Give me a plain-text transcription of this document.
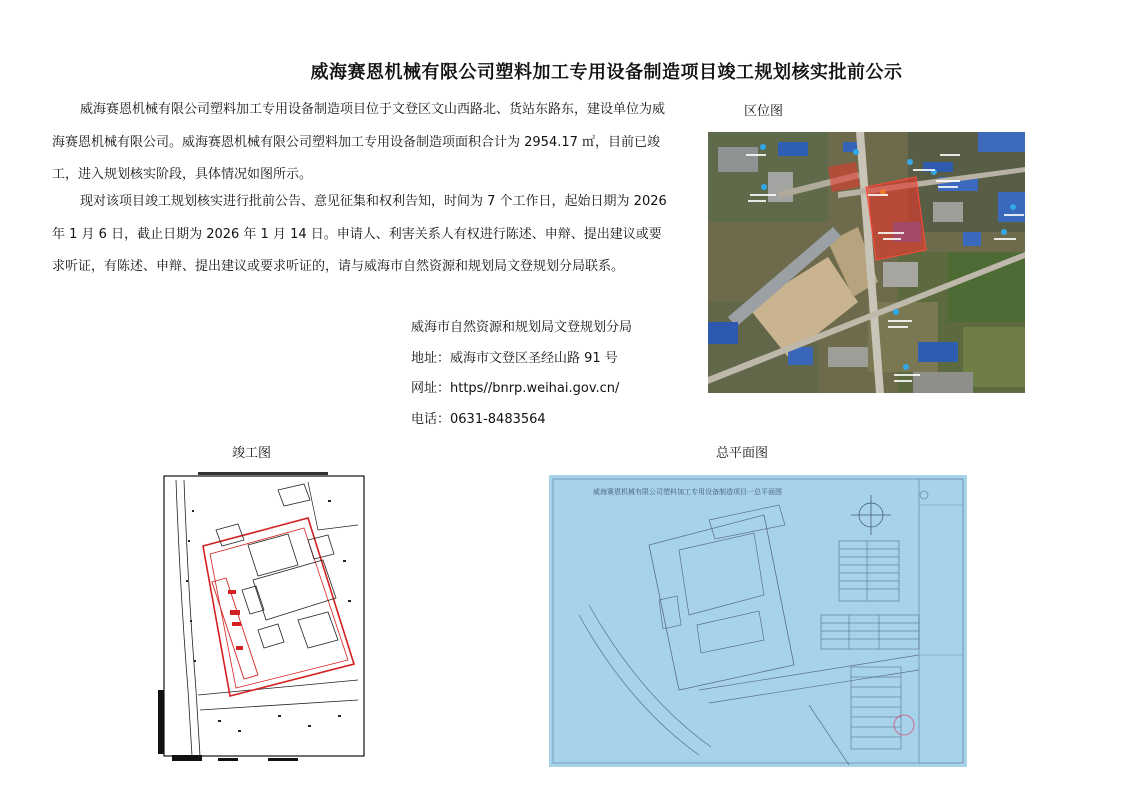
威海赛恩机械有限公司塑料加工专用设备制造项目竣工规划核实批前公示

威海赛恩机械有限公司塑料加工专用设备制造项目位于文登区文山西路北、货站东路东，建设单位为威海赛恩机械有限公司。威海赛恩机械有限公司塑料加工专用设备制造项面积合计为 2954.17 ㎡，目前已竣工，进入规划核实阶段，具体情况如图所示。

现对该项目竣工规划核实进行批前公告、意见征集和权利告知，时间为 7 个工作日，起始日期为 2026 年 1 月 6 日，截止日期为 2026 年 1 月 14 日。申请人、利害关系人有权进行陈述、申辩、提出建议或要求听证，有陈述、申辩、提出建议或要求听证的，请与威海市自然资源和规划局文登规划分局联系。

威海市自然资源和规划局文登规划分局
地址：威海市文登区圣经山路 91 号
网址：https//bnrp.weihai.gov.cn/
电话：0631-8483564
区位图
竣工图	总平面图
威海赛恩机械有限公司塑料加工专用设备制造项目一总平面图
